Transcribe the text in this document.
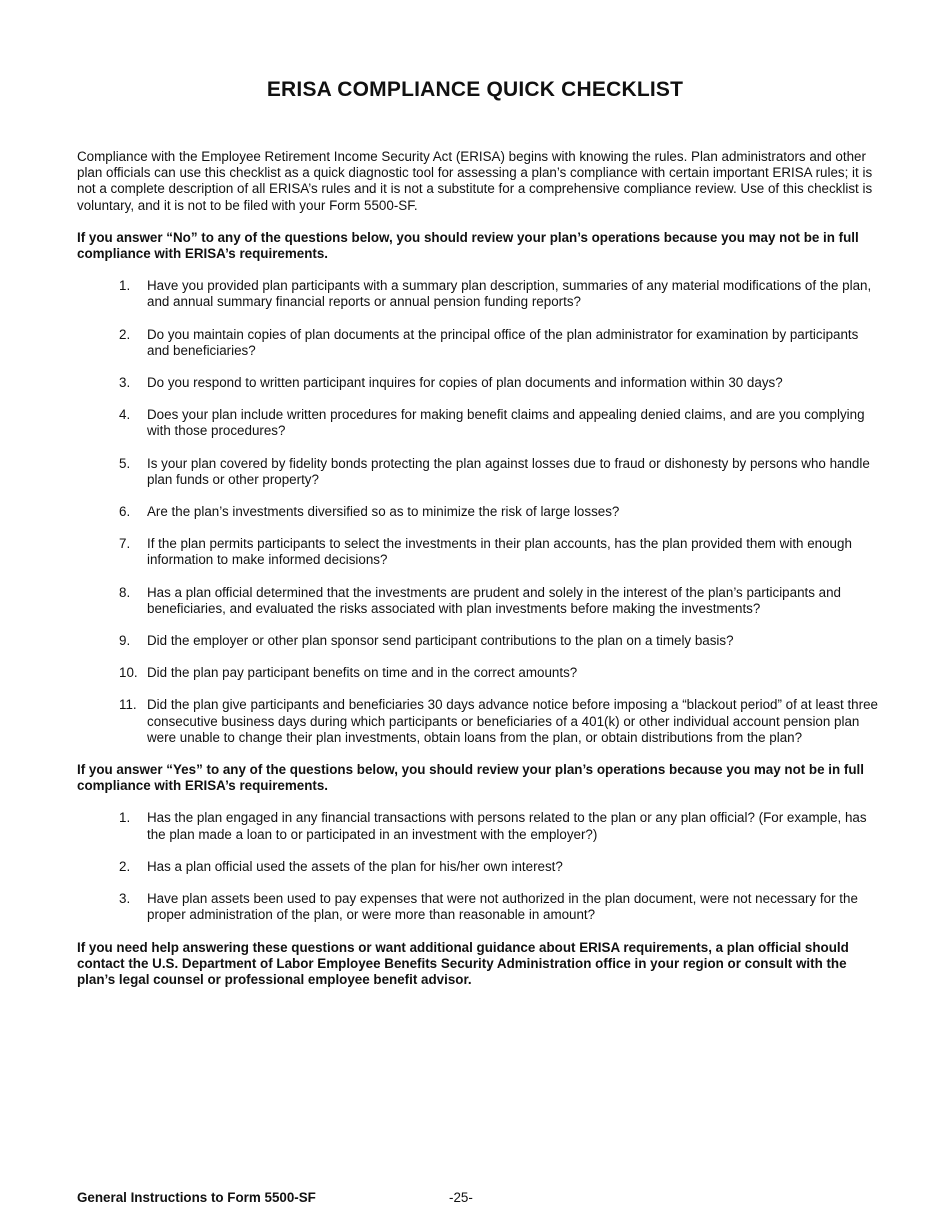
ERISA COMPLIANCE QUICK CHECKLIST

Compliance with the Employee Retirement Income Security Act (ERISA) begins with knowing the rules. Plan administrators and other plan officials can use this checklist as a quick diagnostic tool for assessing a plan’s compliance with certain important ERISA rules; it is not a complete description of all ERISA’s rules and it is not a substitute for a comprehensive compliance review. Use of this checklist is voluntary, and it is not to be filed with your Form 5500-SF.

If you answer “No” to any of the questions below, you should review your plan’s operations because you may not be in full compliance with ERISA’s requirements.

1. Have you provided plan participants with a summary plan description, summaries of any material modifications of the plan, and annual summary financial reports or annual pension funding reports?
2. Do you maintain copies of plan documents at the principal office of the plan administrator for examination by participants and beneficiaries?
3. Do you respond to written participant inquires for copies of plan documents and information within 30 days?
4. Does your plan include written procedures for making benefit claims and appealing denied claims, and are you complying with those procedures?
5. Is your plan covered by fidelity bonds protecting the plan against losses due to fraud or dishonesty by persons who handle plan funds or other property?
6. Are the plan’s investments diversified so as to minimize the risk of large losses?
7. If the plan permits participants to select the investments in their plan accounts, has the plan provided them with enough information to make informed decisions?
8. Has a plan official determined that the investments are prudent and solely in the interest of the plan’s participants and beneficiaries, and evaluated the risks associated with plan investments before making the investments?
9. Did the employer or other plan sponsor send participant contributions to the plan on a timely basis?
10. Did the plan pay participant benefits on time and in the correct amounts?
11. Did the plan give participants and beneficiaries 30 days advance notice before imposing a “blackout period” of at least three consecutive business days during which participants or beneficiaries of a 401(k) or other individual account pension plan were unable to change their plan investments, obtain loans from the plan, or obtain distributions from the plan?

If you answer “Yes” to any of the questions below, you should review your plan’s operations because you may not be in full compliance with ERISA’s requirements.

1. Has the plan engaged in any financial transactions with persons related to the plan or any plan official? (For example, has the plan made a loan to or participated in an investment with the employer?)
2. Has a plan official used the assets of the plan for his/her own interest?
3. Have plan assets been used to pay expenses that were not authorized in the plan document, were not necessary for the proper administration of the plan, or were more than reasonable in amount?

If you need help answering these questions or want additional guidance about ERISA requirements, a plan official should contact the U.S. Department of Labor Employee Benefits Security Administration office in your region or consult with the plan’s legal counsel or professional employee benefit advisor.

General Instructions to Form 5500-SF	-25-
